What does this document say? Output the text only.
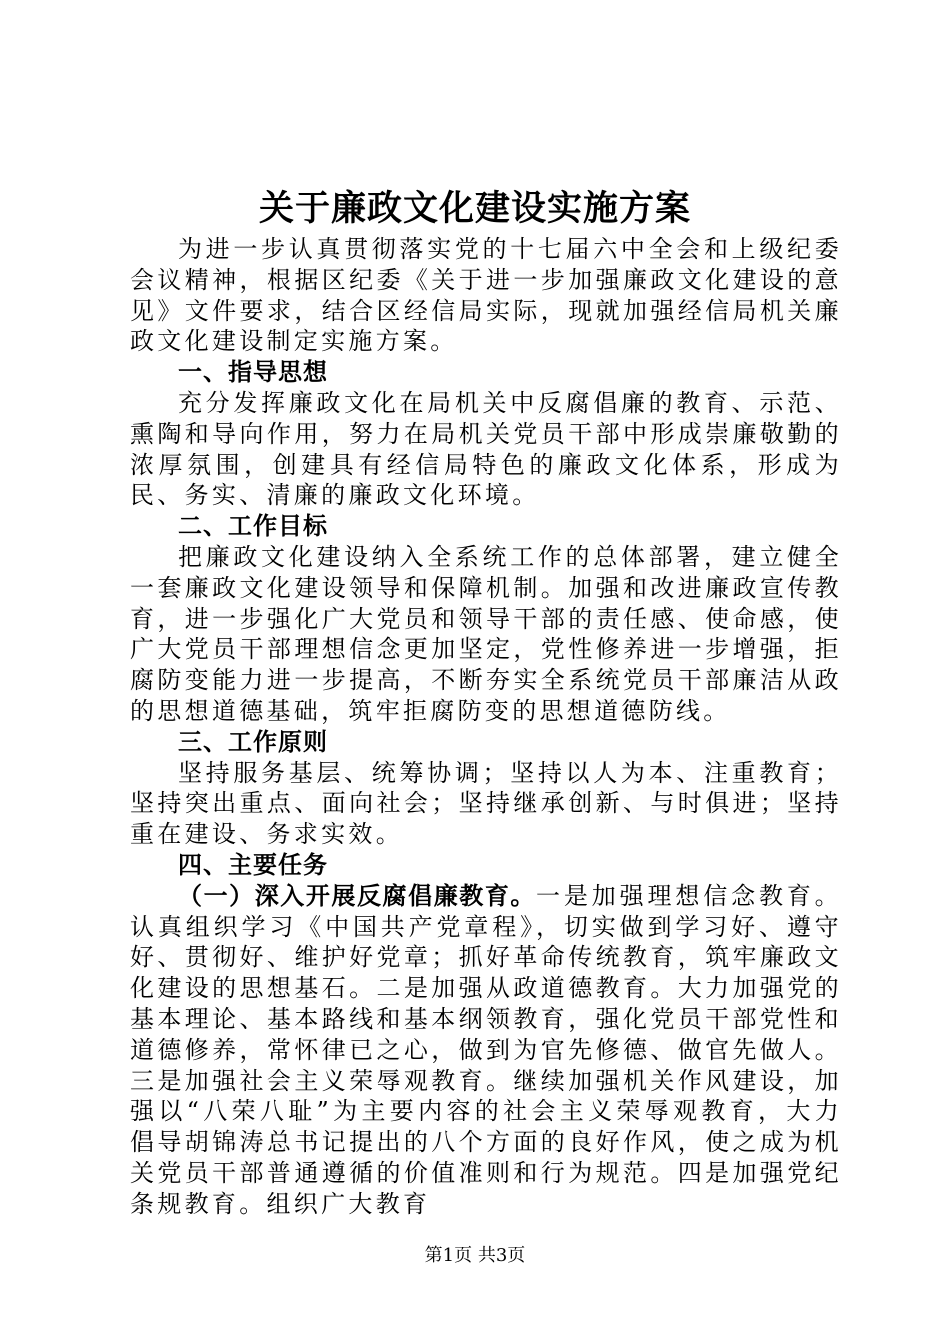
关于廉政文化建设实施方案

为进一步认真贯彻落实党的十七届六中全会和上级纪委会议精神，根据区纪委《关于进一步加强廉政文化建设的意见》文件要求，结合区经信局实际，现就加强经信局机关廉政文化建设制定实施方案。

一、指导思想

充分发挥廉政文化在局机关中反腐倡廉的教育、示范、熏陶和导向作用，努力在局机关党员干部中形成崇廉敬勤的浓厚氛围，创建具有经信局特色的廉政文化体系，形成为民、务实、清廉的廉政文化环境。

二、工作目标

把廉政文化建设纳入全系统工作的总体部署，建立健全一套廉政文化建设领导和保障机制。加强和改进廉政宣传教育，进一步强化广大党员和领导干部的责任感、使命感，使广大党员干部理想信念更加坚定，党性修养进一步增强，拒腐防变能力进一步提高，不断夯实全系统党员干部廉洁从政的思想道德基础，筑牢拒腐防变的思想道德防线。

三、工作原则

坚持服务基层、统筹协调；坚持以人为本、注重教育；坚持突出重点、面向社会；坚持继承创新、与时俱进；坚持重在建设、务求实效。

四、主要任务

（一）深入开展反腐倡廉教育。一是加强理想信念教育。认真组织学习《中国共产党章程》，切实做到学习好、遵守好、贯彻好、维护好党章；抓好革命传统教育，筑牢廉政文化建设的思想基石。二是加强从政道德教育。大力加强党的基本理论、基本路线和基本纲领教育，强化党员干部党性和道德修养，常怀律已之心，做到为官先修德、做官先做人。三是加强社会主义荣辱观教育。继续加强机关作风建设，加强以“八荣八耻”为主要内容的社会主义荣辱观教育，大力倡导胡锦涛总书记提出的八个方面的良好作风，使之成为机关党员干部普通遵循的价值准则和行为规范。四是加强党纪条规教育。组织广大教育

第1页 共3页
